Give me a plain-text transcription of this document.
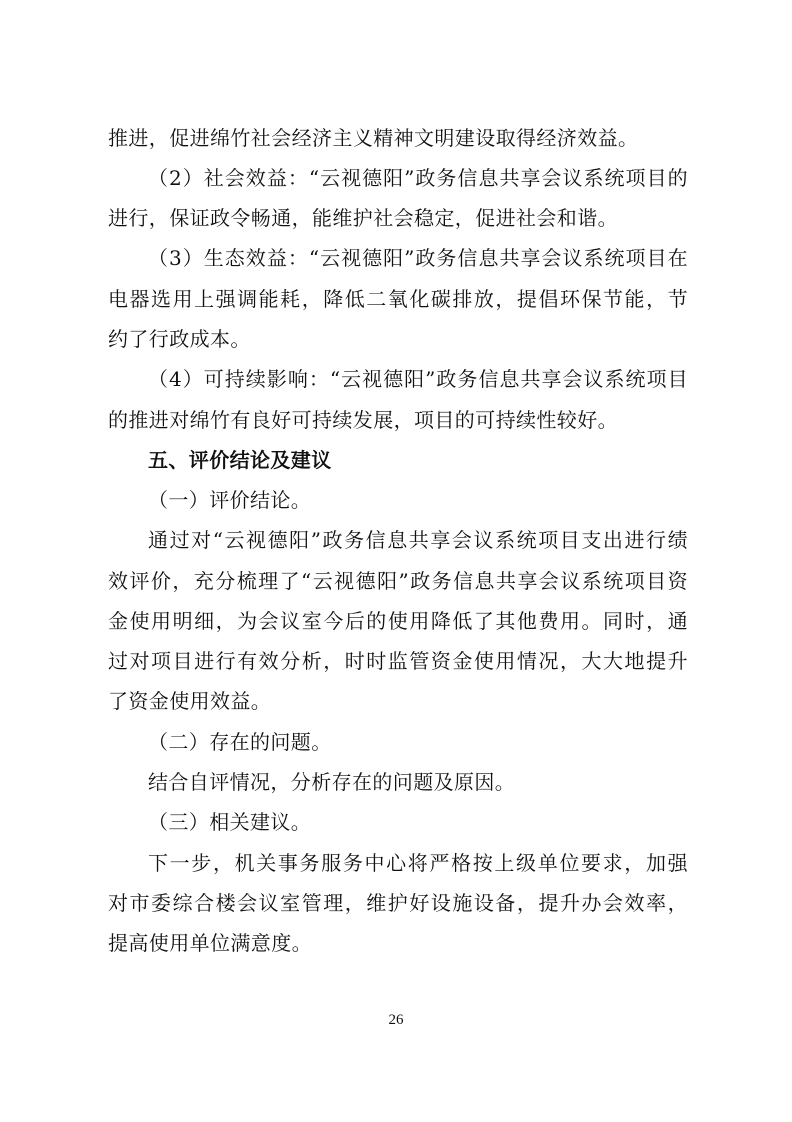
推进，促进绵竹社会经济主义精神文明建设取得经济效益。
（2）社会效益：“云视德阳”政务信息共享会议系统项目的
进行，保证政令畅通，能维护社会稳定，促进社会和谐。
（3）生态效益：“云视德阳”政务信息共享会议系统项目在
电器选用上强调能耗，降低二氧化碳排放，提倡环保节能，节
约了行政成本。
（4）可持续影响：“云视德阳”政务信息共享会议系统项目
的推进对绵竹有良好可持续发展，项目的可持续性较好。
五、评价结论及建议
（一）评价结论。
通过对“云视德阳”政务信息共享会议系统项目支出进行绩
效评价，充分梳理了“云视德阳”政务信息共享会议系统项目资
金使用明细，为会议室今后的使用降低了其他费用。同时，通
过对项目进行有效分析，时时监管资金使用情况，大大地提升
了资金使用效益。
（二）存在的问题。
结合自评情况，分析存在的问题及原因。
（三）相关建议。
下一步，机关事务服务中心将严格按上级单位要求，加强
对市委综合楼会议室管理，维护好设施设备，提升办会效率，
提高使用单位满意度。
26
